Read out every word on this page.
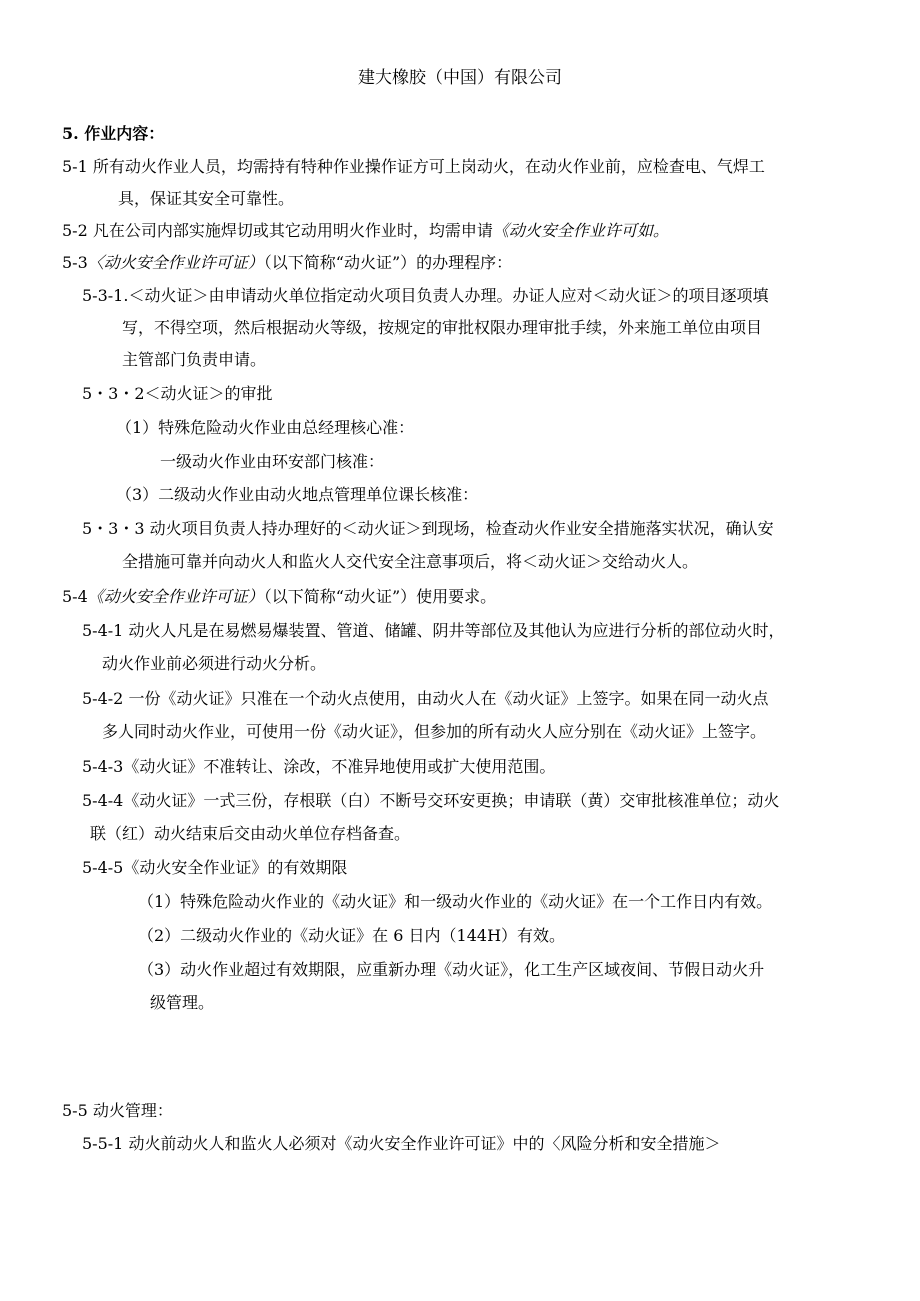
建大橡胶（中国）有限公司
5. 作业内容：
5-1 所有动火作业人员，均需持有特种作业操作证方可上岗动火，在动火作业前，应检查电、气焊工
具，保证其安全可靠性。
5-2 凡在公司内部实施焊切或其它动用明火作业时，均需申请《动火安全作业许可如。
5-3〈动火安全作业许可证）（以下简称“动火证”）的办理程序：
5-3-1.＜动火证＞由申请动火单位指定动火项目负责人办理。办证人应对＜动火证＞的项目逐项填
写，不得空项，然后根据动火等级，按规定的审批权限办理审批手续，外来施工单位由项目
主管部门负责申请。
5・3・2＜动火证＞的审批
（1）特殊危险动火作业由总经理核心准：
一级动火作业由环安部门核准：
（3）二级动火作业由动火地点管理单位课长核准：
5・3・3 动火项目负责人持办理好的＜动火证＞到现场，检查动火作业安全措施落实状况，确认安
全措施可靠并向动火人和监火人交代安全注意事项后，将＜动火证＞交给动火人。
5-4《动火安全作业许可证）（以下简称“动火证”）使用要求。
5-4-1 动火人凡是在易燃易爆装置、管道、储罐、阴井等部位及其他认为应进行分析的部位动火时，
动火作业前必须进行动火分析。
5-4-2 一份《动火证》只准在一个动火点使用，由动火人在《动火证》上签字。如果在同一动火点
多人同时动火作业，可使用一份《动火证》，但参加的所有动火人应分别在《动火证》上签字。
5-4-3《动火证》不准转让、涂改，不准异地使用或扩大使用范围。
5-4-4《动火证》一式三份，存根联（白）不断号交环安更换；申请联（黄）交审批核准单位；动火
联（红）动火结束后交由动火单位存档备查。
5-4-5《动火安全作业证》的有效期限
（1）特殊危险动火作业的《动火证》和一级动火作业的《动火证》在一个工作日内有效。
（2）二级动火作业的《动火证》在 6 日内（144H）有效。
（3）动火作业超过有效期限，应重新办理《动火证》，化工生产区域夜间、节假日动火升
级管理。
5-5 动火管理：
5-5-1 动火前动火人和监火人必须对《动火安全作业许可证》中的〈风险分析和安全措施＞
